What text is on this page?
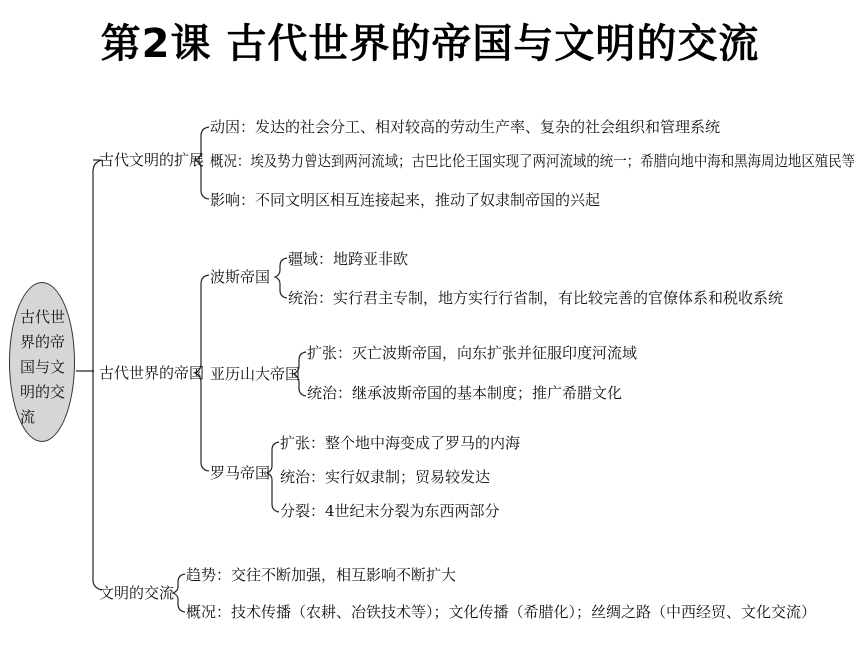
第2课 古代世界的帝国与文明的交流
古代世界的帝国与文明的交流
古代文明的扩展
动因：发达的社会分工、相对较高的劳动生产率、复杂的社会组织和管理系统
概况：埃及势力曾达到两河流域；古巴比伦王国实现了两河流域的统一；希腊向地中海和黑海周边地区殖民等
影响：不同文明区相互连接起来，推动了奴隶制帝国的兴起
古代世界的帝国
波斯帝国
疆域：地跨亚非欧
统治：实行君主专制，地方实行行省制，有比较完善的官僚体系和税收系统
亚历山大帝国
扩张：灭亡波斯帝国，向东扩张并征服印度河流域
统治：继承波斯帝国的基本制度；推广希腊文化
罗马帝国
扩张：整个地中海变成了罗马的内海
统治：实行奴隶制；贸易较发达
分裂：4世纪末分裂为东西两部分
文明的交流
趋势：交往不断加强，相互影响不断扩大
概况：技术传播（农耕、冶铁技术等）；文化传播（希腊化）；丝绸之路（中西经贸、文化交流）
